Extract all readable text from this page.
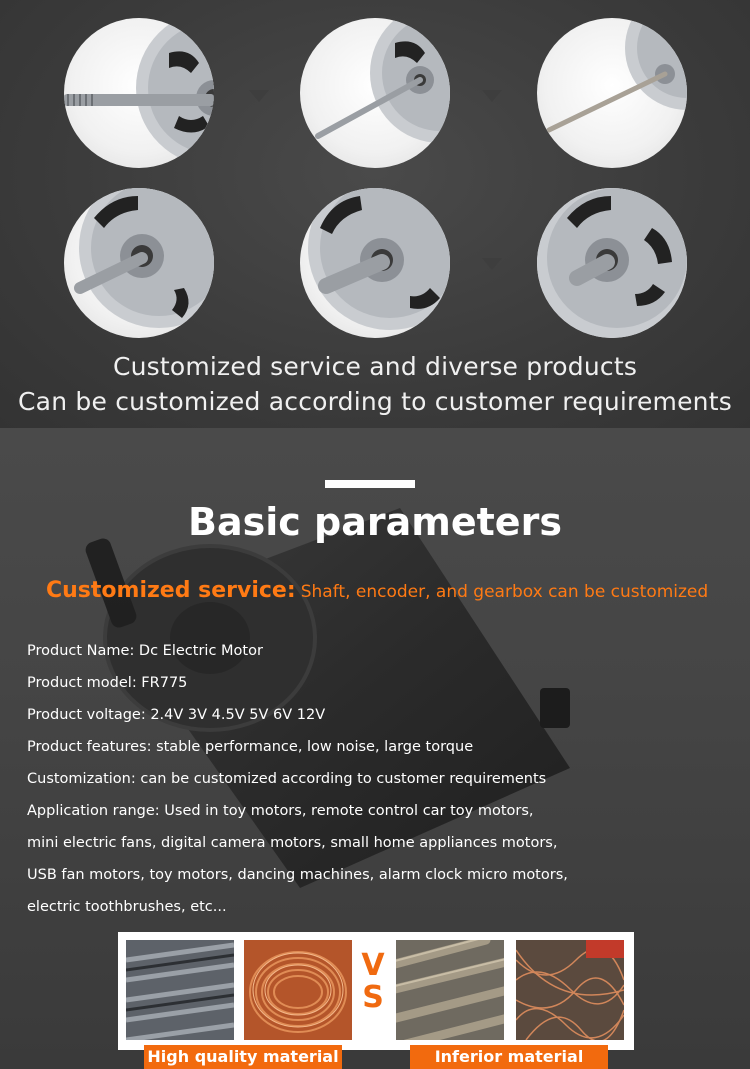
Customized service and diverse products
Can be customized according to customer requirements
Basic parameters
Customized service: Shaft, encoder, and gearbox can be customized
Product Name: Dc Electric Motor
Product model: FR775
Product voltage: 2.4V 3V 4.5V 5V 6V 12V
Product features: stable performance, low noise, large torque
Customization: can be customized according to customer requirements
Application range: Used in toy motors, remote control car toy motors,
mini electric fans, digital camera motors, small home appliances motors,
USB fan motors, toy motors, dancing machines, alarm clock micro motors,
electric toothbrushes, etc...
V
S
High quality material	Inferior material
